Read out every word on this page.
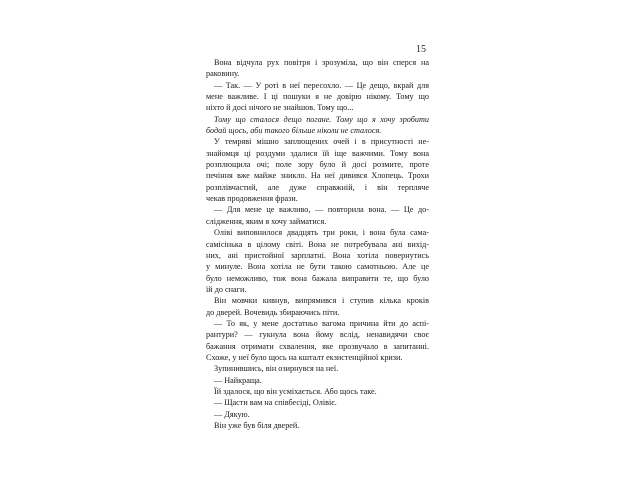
15
Вона відчула рух повітря і зрозуміла, що він сперся на
раковину.
— Так. — У роті в неї пересохло. — Це дещо, вкрай для
мене важливе. І ці пошуки я не довірю нікому. Тому що
ніхто й досі нічого не знайшов. Тому що...
Тому що сталося дещо погане. Тому що я хочу зробити
бодай щось, аби такого більше ніколи не сталося.
У темряві мішно заплющених очей і в присутності не-
знайомця ці роздуми здалися їй іще важчими. Тому вона
розплющила очі; поле зору було й досі розмите, проте
печіння вже майже зникло. На неї дивився Хлопець. Трохи
розплівчастий, але дуже справжній, і він терпляче
чекав продовження фрази.
— Для мене це важливо, — повторила вона. — Це до-
слідження, яким я хочу займатися.
Оліві виповнилося двадцять три роки, і вона була сама-
самісінька в цілому світі. Вона не потребувала ані вихід-
них, ані пристойної зарплатні. Вона хотіла повернутись
у минуле. Вона хотіла не бути такою самотньою. Але це
було неможливо, тож вона бажала виправити те, що було
їй до снаги.
Він мовчки кивнув, випрямився і ступив кілька кроків
до дверей. Вочевидь збираючись піти.
— То як, у мене достатньо вагома причина йти до аспі-
рантури? — гукнула вона йому вслід, ненавидячи своє
бажання отримати схвалення, яке прозвучало в запитанні.
Схоже, у неї було щось на кшталт екзистенційної кризи.
Зупинившись, він озирнувся на неї.
— Найкраща.
Їй здалося, що він усміхається. Або щось таке.
— Щасти вам на співбесіді, Олівіє.
— Дякую.
Він уже був біля дверей.
